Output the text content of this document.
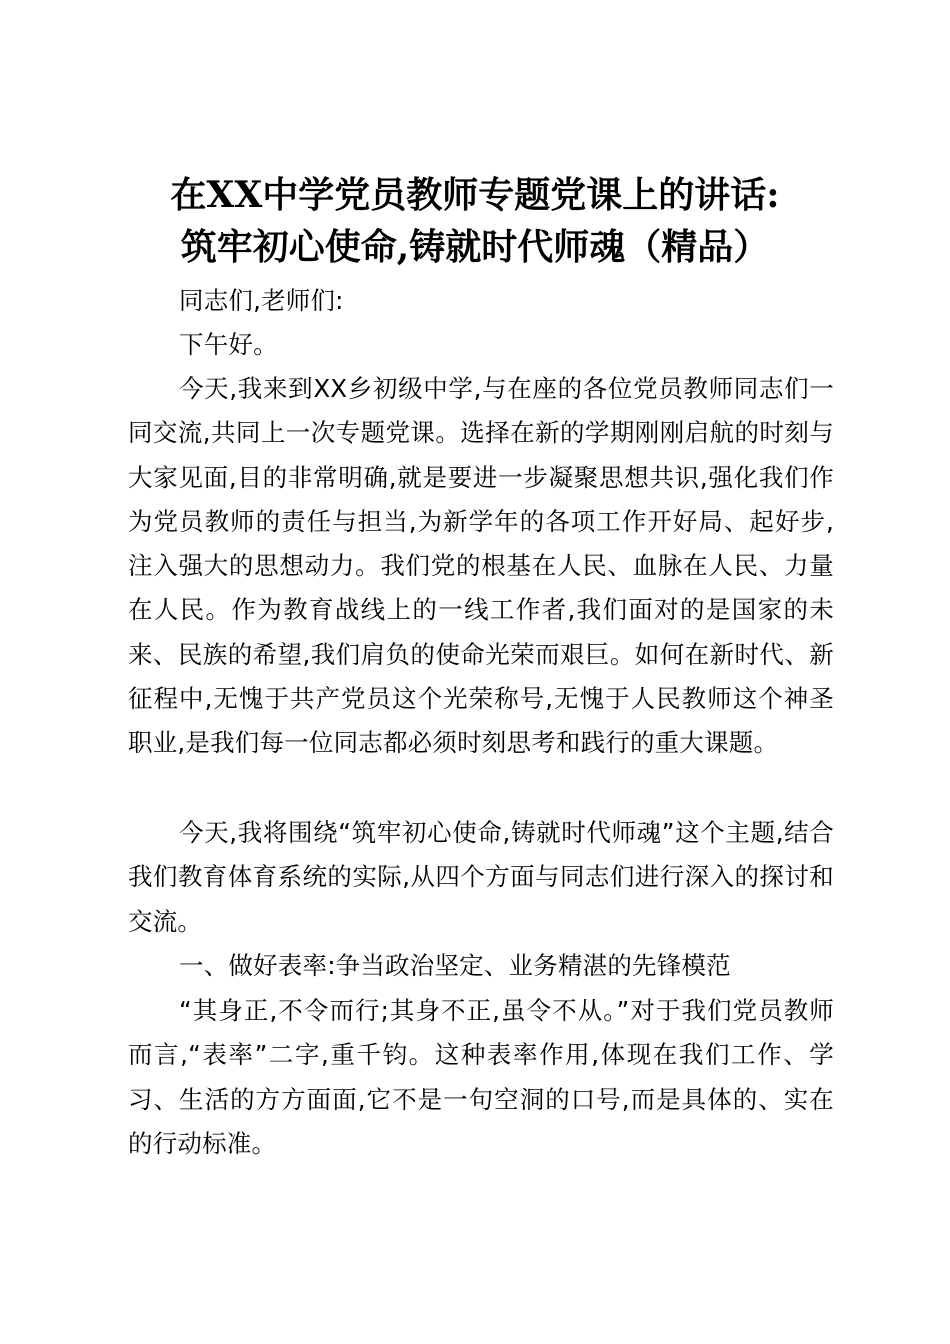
在XX中学党员教师专题党课上的讲话:
筑牢初心使命,铸就时代师魂（精品）
同志们,老师们:
下午好。
今天,我来到XX乡初级中学,与在座的各位党员教师同志们一同交流,共同上一次专题党课。选择在新的学期刚刚启航的时刻与大家见面,目的非常明确,就是要进一步凝聚思想共识,强化我们作为党员教师的责任与担当,为新学年的各项工作开好局、起好步,注入强大的思想动力。我们党的根基在人民、血脉在人民、力量在人民。作为教育战线上的一线工作者,我们面对的是国家的未来、民族的希望,我们肩负的使命光荣而艰巨。如何在新时代、新征程中,无愧于共产党员这个光荣称号,无愧于人民教师这个神圣职业,是我们每一位同志都必须时刻思考和践行的重大课题。
今天,我将围绕“筑牢初心使命,铸就时代师魂”这个主题,结合我们教育体育系统的实际,从四个方面与同志们进行深入的探讨和交流。
一、做好表率:争当政治坚定、业务精湛的先锋模范
“其身正,不令而行;其身不正,虽令不从。”对于我们党员教师而言,“表率”二字,重千钧。这种表率作用,体现在我们工作、学习、生活的方方面面,它不是一句空洞的口号,而是具体的、实在的行动标准。
